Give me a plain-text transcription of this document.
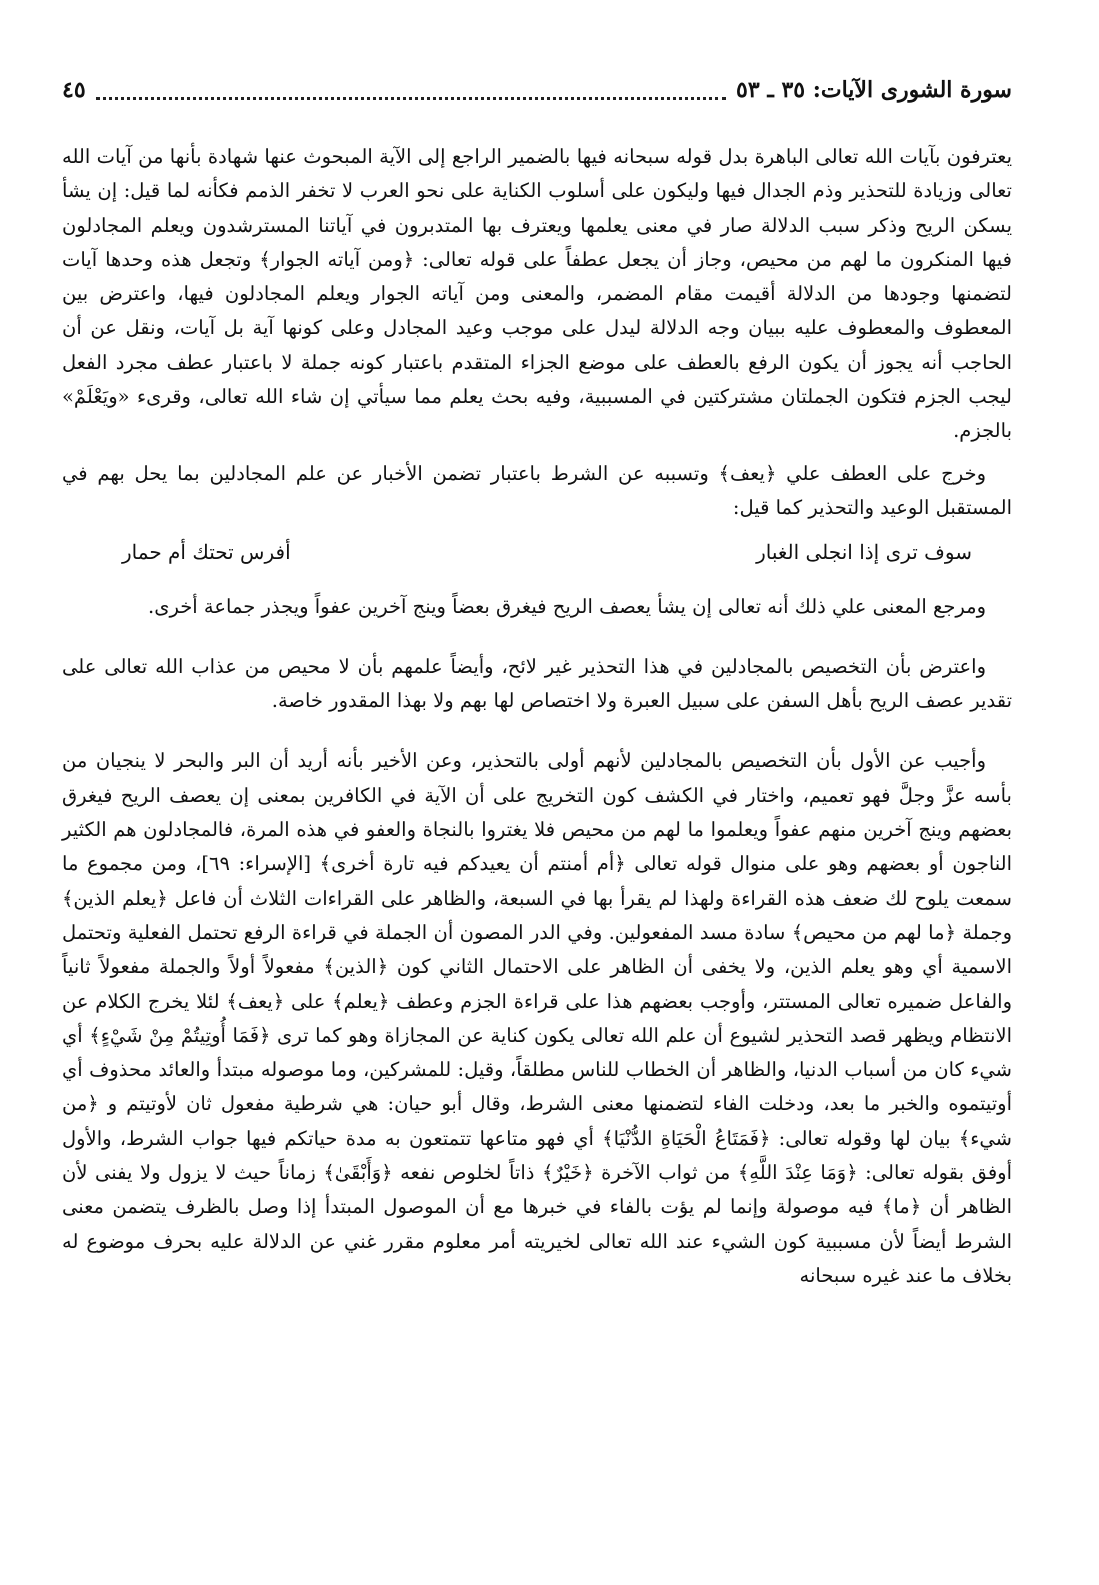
سورة الشورى الآيات: ٣٥ ـ ٥٣
٤٥

يعترفون بآيات الله تعالى الباهرة بدل قوله سبحانه فيها بالضمير الراجع إلى الآية المبحوث عنها شهادة بأنها من آيات الله تعالى وزيادة للتحذير وذم الجدال فيها وليكون على أسلوب الكناية على نحو العرب لا تخفر الذمم فكأنه لما قيل: إن يشأ يسكن الريح وذكر سبب الدلالة صار في معنى يعلمها ويعترف بها المتدبرون في آياتنا المسترشدون ويعلم المجادلون فيها المنكرون ما لهم من محيص، وجاز أن يجعل عطفاً على قوله تعالى: ﴿ومن آياته الجوار﴾ وتجعل هذه وحدها آيات لتضمنها وجودها من الدلالة أقيمت مقام المضمر، والمعنى ومن آياته الجوار ويعلم المجادلون فيها، واعترض بين المعطوف والمعطوف عليه ببيان وجه الدلالة ليدل على موجب وعيد المجادل وعلى كونها آية بل آيات، ونقل عن أن الحاجب أنه يجوز أن يكون الرفع بالعطف على موضع الجزاء المتقدم باعتبار كونه جملة لا باعتبار عطف مجرد الفعل ليجب الجزم فتكون الجملتان مشتركتين في المسببية، وفيه بحث يعلم مما سيأتي إن شاء الله تعالى، وقرىء «ويَعْلَمْ» بالجزم.

وخرج على العطف علي ﴿يعف﴾ وتسببه عن الشرط باعتبار تضمن الأخبار عن علم المجادلين بما يحل بهم في المستقبل الوعيد والتحذير كما قيل:

سوف ترى إذا انجلى الغبار
أفرس تحتك أم حمار

ومرجع المعنى علي ذلك أنه تعالى إن يشأ يعصف الريح فيغرق بعضاً وينج آخرين عفواً ويجذر جماعة أخرى.

واعترض بأن التخصيص بالمجادلين في هذا التحذير غير لائح، وأيضاً علمهم بأن لا محيص من عذاب الله تعالى على تقدير عصف الريح بأهل السفن على سبيل العبرة ولا اختصاص لها بهم ولا بهذا المقدور خاصة.

وأجيب عن الأول بأن التخصيص بالمجادلين لأنهم أولى بالتحذير، وعن الأخير بأنه أريد أن البر والبحر لا ينجيان من بأسه عزَّ وجلَّ فهو تعميم، واختار في الكشف كون التخريج على أن الآية في الكافرين بمعنى إن يعصف الريح فيغرق بعضهم وينج آخرين منهم عفواً ويعلموا ما لهم من محيص فلا يغتروا بالنجاة والعفو في هذه المرة، فالمجادلون هم الكثير الناجون أو بعضهم وهو على منوال قوله تعالى ﴿أم أمنتم أن يعيدكم فيه تارة أخرى﴾ [الإسراء: ٦٩]، ومن مجموع ما سمعت يلوح لك ضعف هذه القراءة ولهذا لم يقرأ بها في السبعة، والظاهر على القراءات الثلاث أن فاعل ﴿يعلم الذين﴾ وجملة ﴿ما لهم من محيص﴾ سادة مسد المفعولين. وفي الدر المصون أن الجملة في قراءة الرفع تحتمل الفعلية وتحتمل الاسمية أي وهو يعلم الذين، ولا يخفى أن الظاهر على الاحتمال الثاني كون ﴿الذين﴾ مفعولاً أولاً والجملة مفعولاً ثانياً والفاعل ضميره تعالى المستتر، وأوجب بعضهم هذا على قراءة الجزم وعطف ﴿يعلم﴾ على ﴿يعف﴾ لئلا يخرج الكلام عن الانتظام ويظهر قصد التحذير لشيوع أن علم الله تعالى يكون كناية عن المجازاة وهو كما ترى ﴿فَمَا أُوتِيتُمْ مِنْ شَيْءٍ﴾ أي شيء كان من أسباب الدنيا، والظاهر أن الخطاب للناس مطلقاً، وقيل: للمشركين، وما موصوله مبتدأ والعائد محذوف أي أوتيتموه والخبر ما بعد، ودخلت الفاء لتضمنها معنى الشرط، وقال أبو حيان: هي شرطية مفعول ثان لأوتيتم و ﴿من شيء﴾ بيان لها وقوله تعالى: ﴿فَمَتَاعُ الْحَيَاةِ الدُّنْيَا﴾ أي فهو متاعها تتمتعون به مدة حياتكم فيها جواب الشرط، والأول أوفق بقوله تعالى: ﴿وَمَا عِنْدَ اللَّهِ﴾ من ثواب الآخرة ﴿خَيْرٌ﴾ ذاتاً لخلوص نفعه ﴿وَأَبْقَىٰ﴾ زماناً حيث لا يزول ولا يفنى لأن الظاهر أن ﴿ما﴾ فيه موصولة وإنما لم يؤت بالفاء في خبرها مع أن الموصول المبتدأ إذا وصل بالظرف يتضمن معنى الشرط أيضاً لأن مسببية كون الشيء عند الله تعالى لخيريته أمر معلوم مقرر غني عن الدلالة عليه بحرف موضوع له بخلاف ما عند غيره سبحانه
